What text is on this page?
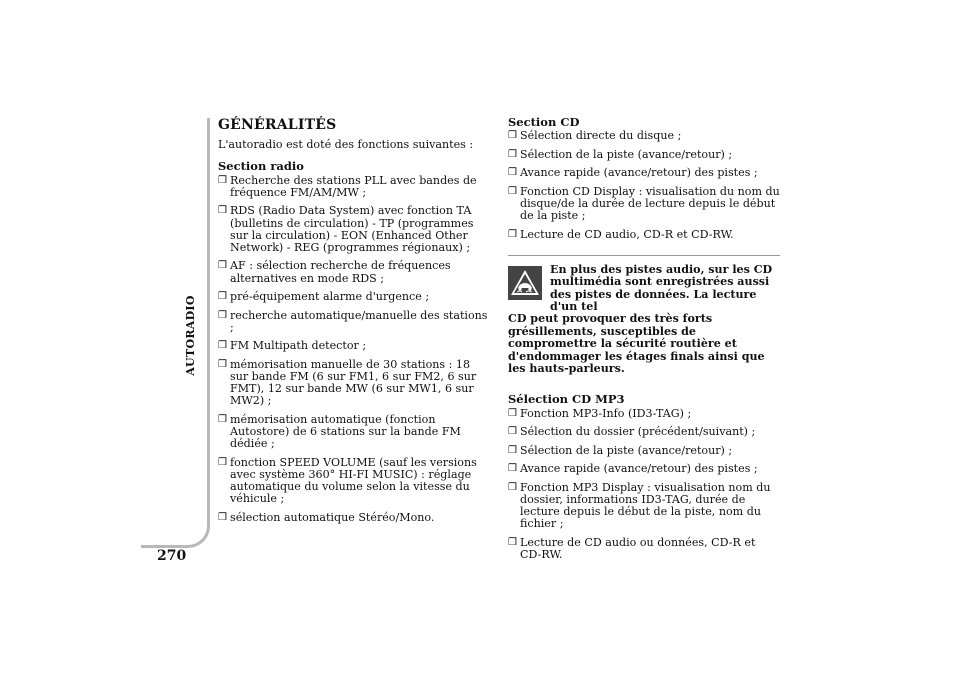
AUTORADIO
270
GÉNÉRALITÉS

L'autoradio est doté des fonctions suivantes :

Section radio
❒ Recherche des stations PLL avec bandes de fréquence FM/AM/MW ;
❒ RDS (Radio Data System) avec fonction TA (bulletins de circulation) - TP (programmes sur la circulation) - EON (Enhanced Other Network) - REG (programmes régionaux) ;
❒ AF : sélection recherche de fréquences alternatives en mode RDS ;
❒ pré-équipement alarme d'urgence ;
❒ recherche automatique/manuelle des stations ;
❒ FM Multipath detector ;
❒ mémorisation manuelle de 30 stations : 18 sur bande FM (6 sur FM1, 6 sur FM2, 6 sur FMT), 12 sur bande MW (6 sur MW1, 6 sur MW2) ;
❒ mémorisation automatique (fonction Autostore) de 6 stations sur la bande FM dédiée ;
❒ fonction SPEED VOLUME (sauf les versions avec système 360° HI-FI MUSIC) : réglage automatique du volume selon la vitesse du véhicule ;
❒ sélection automatique Stéréo/Mono.
Section CD
❒ Sélection directe du disque ;
❒ Sélection de la piste (avance/retour) ;
❒ Avance rapide (avance/retour) des pistes ;
❒ Fonction CD Display : visualisation du nom du disque/de la durée de lecture depuis le début de la piste ;
❒ Lecture de CD audio, CD-R et CD-RW.
En plus des pistes audio, sur les CD multimédia sont enregistrées aussi des pistes de données. La lecture d'un tel
CD peut provoquer des très forts grésillements, susceptibles de compromettre la sécurité routière et d'endommager les étages finals ainsi que les hauts-parleurs.
Sélection CD MP3
❒ Fonction MP3-Info (ID3-TAG) ;
❒ Sélection du dossier (précédent/suivant) ;
❒ Sélection de la piste (avance/retour) ;
❒ Avance rapide (avance/retour) des pistes ;
❒ Fonction MP3 Display : visualisation nom du dossier, informations ID3-TAG, durée de lecture depuis le début de la piste, nom du fichier ;
❒ Lecture de CD audio ou données, CD-R et CD-RW.
